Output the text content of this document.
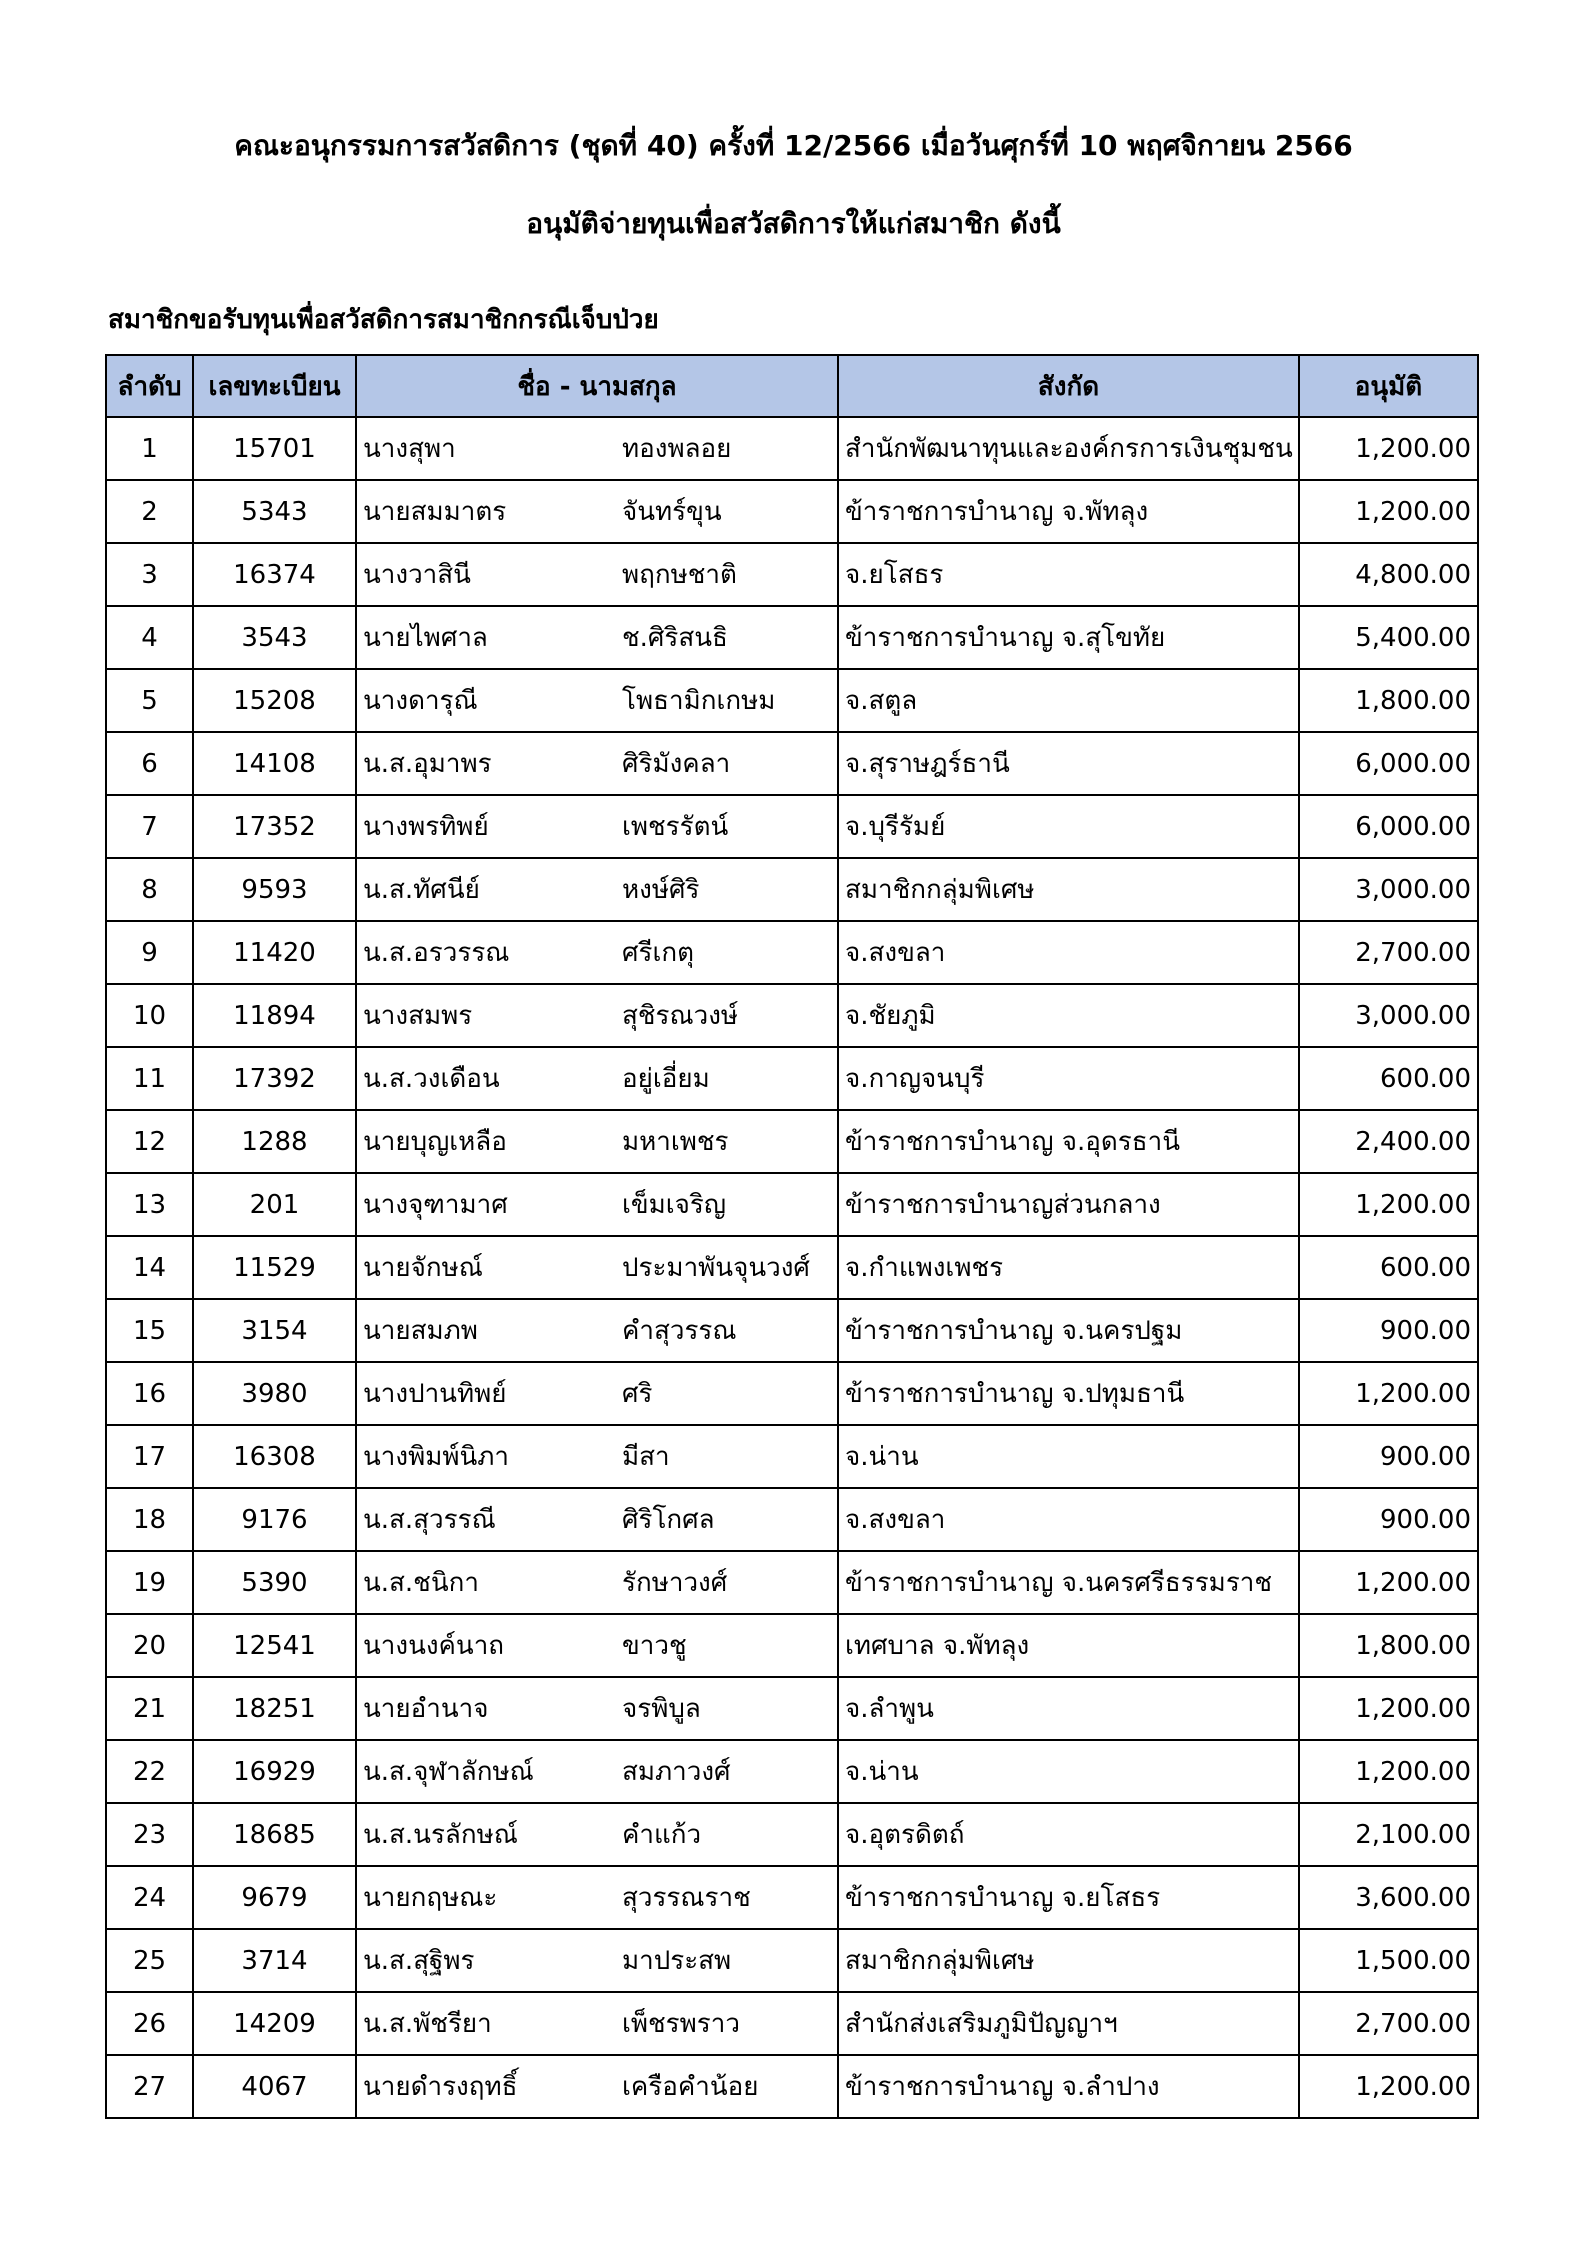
คณะอนุกรรมการสวัสดิการ (ชุดที่ 40) ครั้งที่ 12/2566 เมื่อวันศุกร์ที่ 10 พฤศจิกายน 2566
อนุมัติจ่ายทุนเพื่อสวัสดิการให้แก่สมาชิก ดังนี้
สมาชิกขอรับทุนเพื่อสวัสดิการสมาชิกกรณีเจ็บป่วย
ลำดับ	เลขทะเบียน	ชื่อ - นามสกุล		สังกัด	อนุมัติ
1	15701	นางสุพา	ทองพลอย	สำนักพัฒนาทุนและองค์กรการเงินชุมชน	1,200.00
2	5343	นายสมมาตร	จันทร์ขุน	ข้าราชการบำนาญ จ.พัทลุง	1,200.00
3	16374	นางวาสินี	พฤกษชาติ	จ.ยโสธร	4,800.00
4	3543	นายไพศาล	ช.ศิริสนธิ	ข้าราชการบำนาญ จ.สุโขทัย	5,400.00
5	15208	นางดารุณี	โพธามิกเกษม	จ.สตูล	1,800.00
6	14108	น.ส.อุมาพร	ศิริมังคลา	จ.สุราษฎร์ธานี	6,000.00
7	17352	นางพรทิพย์	เพชรรัตน์	จ.บุรีรัมย์	6,000.00
8	9593	น.ส.ทัศนีย์	หงษ์ศิริ	สมาชิกกลุ่มพิเศษ	3,000.00
9	11420	น.ส.อรวรรณ	ศรีเกตุ	จ.สงขลา	2,700.00
10	11894	นางสมพร	สุชิรณวงษ์	จ.ชัยภูมิ	3,000.00
11	17392	น.ส.วงเดือน	อยู่เอี่ยม	จ.กาญจนบุรี	600.00
12	1288	นายบุญเหลือ	มหาเพชร	ข้าราชการบำนาญ จ.อุดรธานี	2,400.00
13	201	นางจุฑามาศ	เข็มเจริญ	ข้าราชการบำนาญส่วนกลาง	1,200.00
14	11529	นายจักษณ์	ประมาพันจุนวงศ์	จ.กำแพงเพชร	600.00
15	3154	นายสมภพ	คำสุวรรณ	ข้าราชการบำนาญ จ.นครปฐม	900.00
16	3980	นางปานทิพย์	ศริ	ข้าราชการบำนาญ จ.ปทุมธานี	1,200.00
17	16308	นางพิมพ์นิภา	มีสา	จ.น่าน	900.00
18	9176	น.ส.สุวรรณี	ศิริโกศล	จ.สงขลา	900.00
19	5390	น.ส.ชนิกา	รักษาวงศ์	ข้าราชการบำนาญ จ.นครศรีธรรมราช	1,200.00
20	12541	นางนงค์นาถ	ขาวชู	เทศบาล จ.พัทลุง	1,800.00
21	18251	นายอำนาจ	จรพิบูล	จ.ลำพูน	1,200.00
22	16929	น.ส.จุฬาลักษณ์	สมภาวงศ์	จ.น่าน	1,200.00
23	18685	น.ส.นรลักษณ์	คำแก้ว	จ.อุตรดิตถ์	2,100.00
24	9679	นายกฤษณะ	สุวรรณราช	ข้าราชการบำนาญ จ.ยโสธร	3,600.00
25	3714	น.ส.สุฐิพร	มาประสพ	สมาชิกกลุ่มพิเศษ	1,500.00
26	14209	น.ส.พัชรียา	เพ็ชรพราว	สำนักส่งเสริมภูมิปัญญาฯ	2,700.00
27	4067	นายดำรงฤทธิ์	เครือคำน้อย	ข้าราชการบำนาญ จ.ลำปาง	1,200.00
